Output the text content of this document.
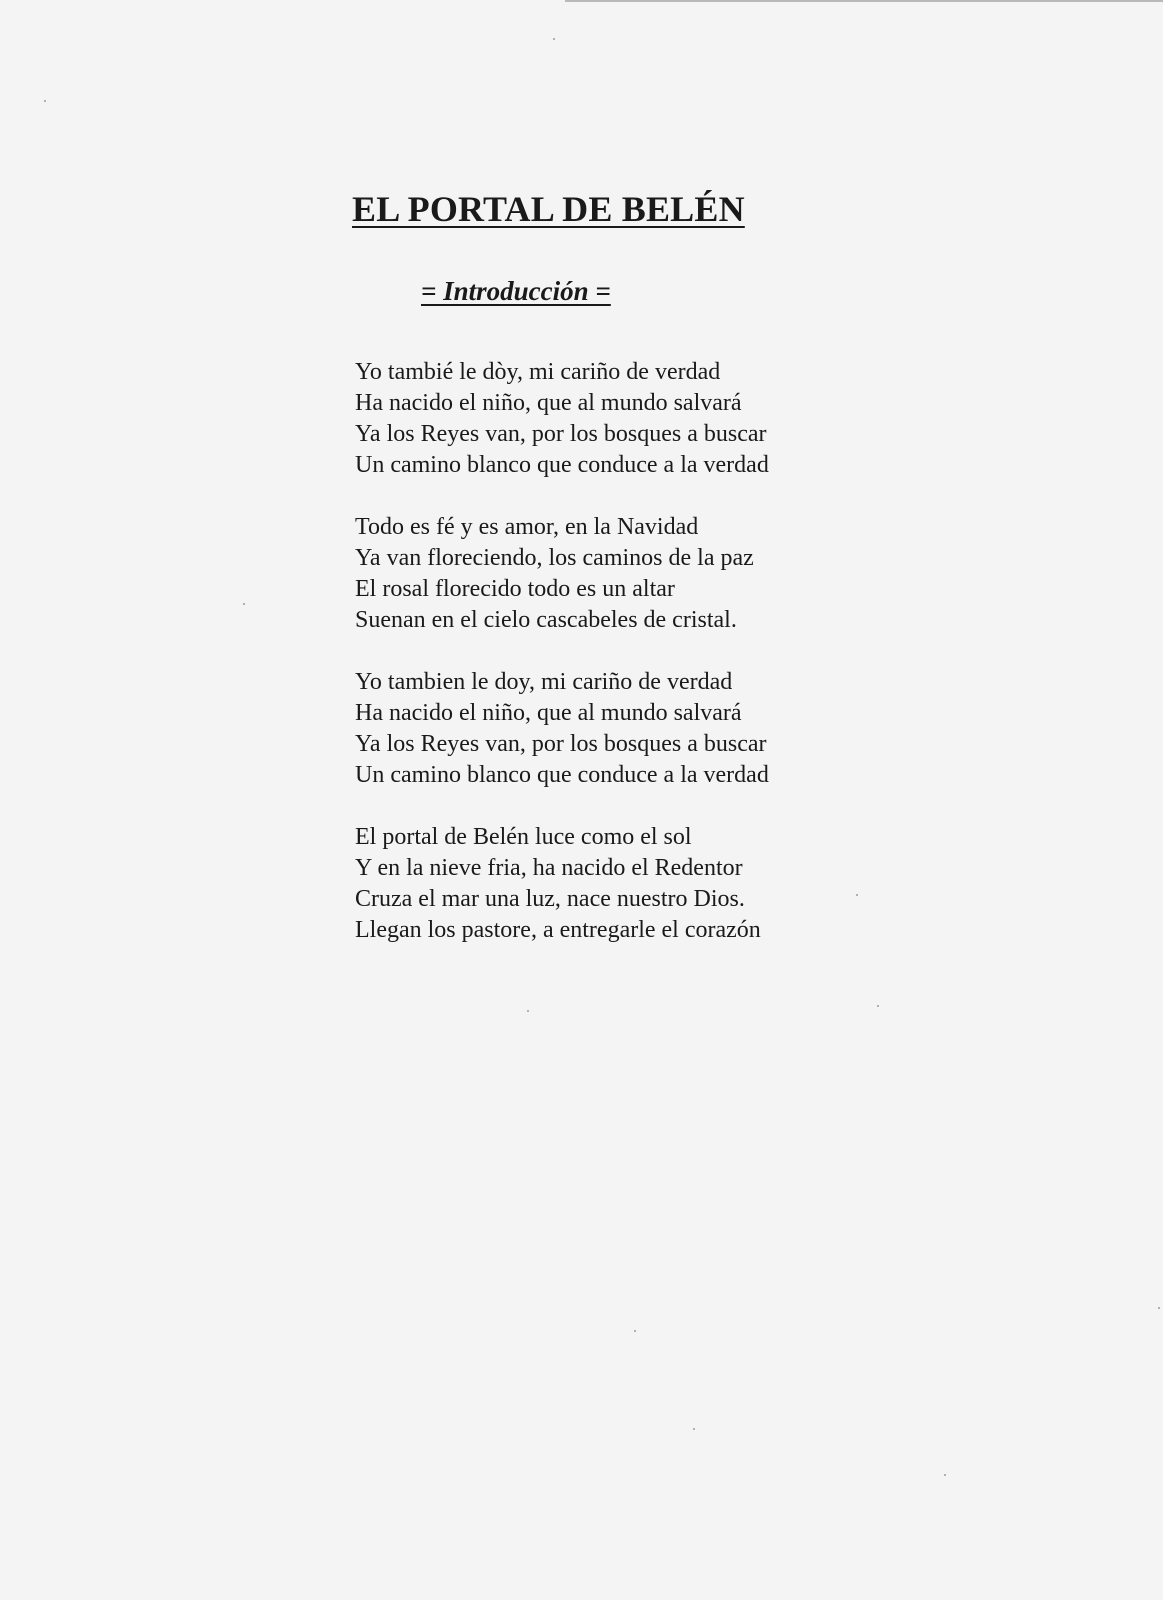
EL PORTAL DE BELÉN
= Introducción =
Yo tambié le dòy, mi cariño de verdad
Ha nacido el niño, que al mundo salvará
Ya los Reyes van, por los bosques a buscar
Un camino blanco que conduce a la verdad
Todo es fé y es amor, en la Navidad
Ya van floreciendo, los caminos de la paz
El rosal florecido todo es un altar
Suenan en el cielo cascabeles de cristal.
Yo tambien le doy, mi cariño de verdad
Ha nacido el niño, que al mundo salvará
Ya los Reyes van, por los bosques a buscar
Un camino blanco que conduce a la verdad
El portal de Belén luce como el sol
Y en la nieve fria, ha nacido el Redentor
Cruza el mar una luz, nace nuestro Dios.
Llegan los pastore, a entregarle el corazón
